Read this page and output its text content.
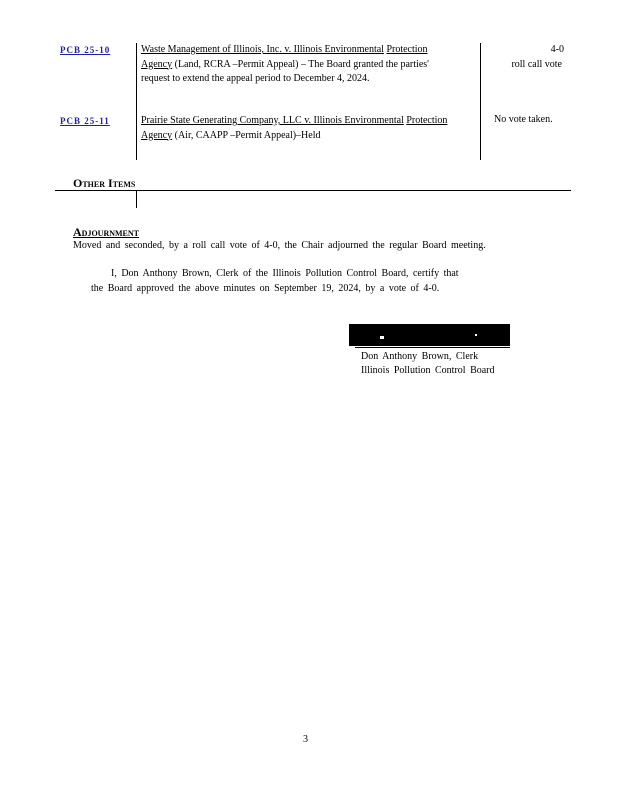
PCB 25-10	Waste Management of Illinois, Inc. v. Illinois Environmental Protection Agency (Land, RCRA –Permit Appeal) – The Board granted the parties' request to extend the appeal period to December 4, 2024.
4-0
roll call vote
PCB 25-11	Prairie State Generating Company, LLC v. Illinois Environmental Protection Agency (Air, CAAPP –Permit Appeal)–Held
No vote taken.
Other Items
Adjournment
Moved and seconded, by a roll call vote of 4-0, the Chair adjourned the regular Board meeting.
I, Don Anthony Brown, Clerk of the Illinois Pollution Control Board, certify that
the Board approved the above minutes on September 19, 2024, by a vote of 4-0.
Don Anthony Brown, Clerk
Illinois Pollution Control Board
3
